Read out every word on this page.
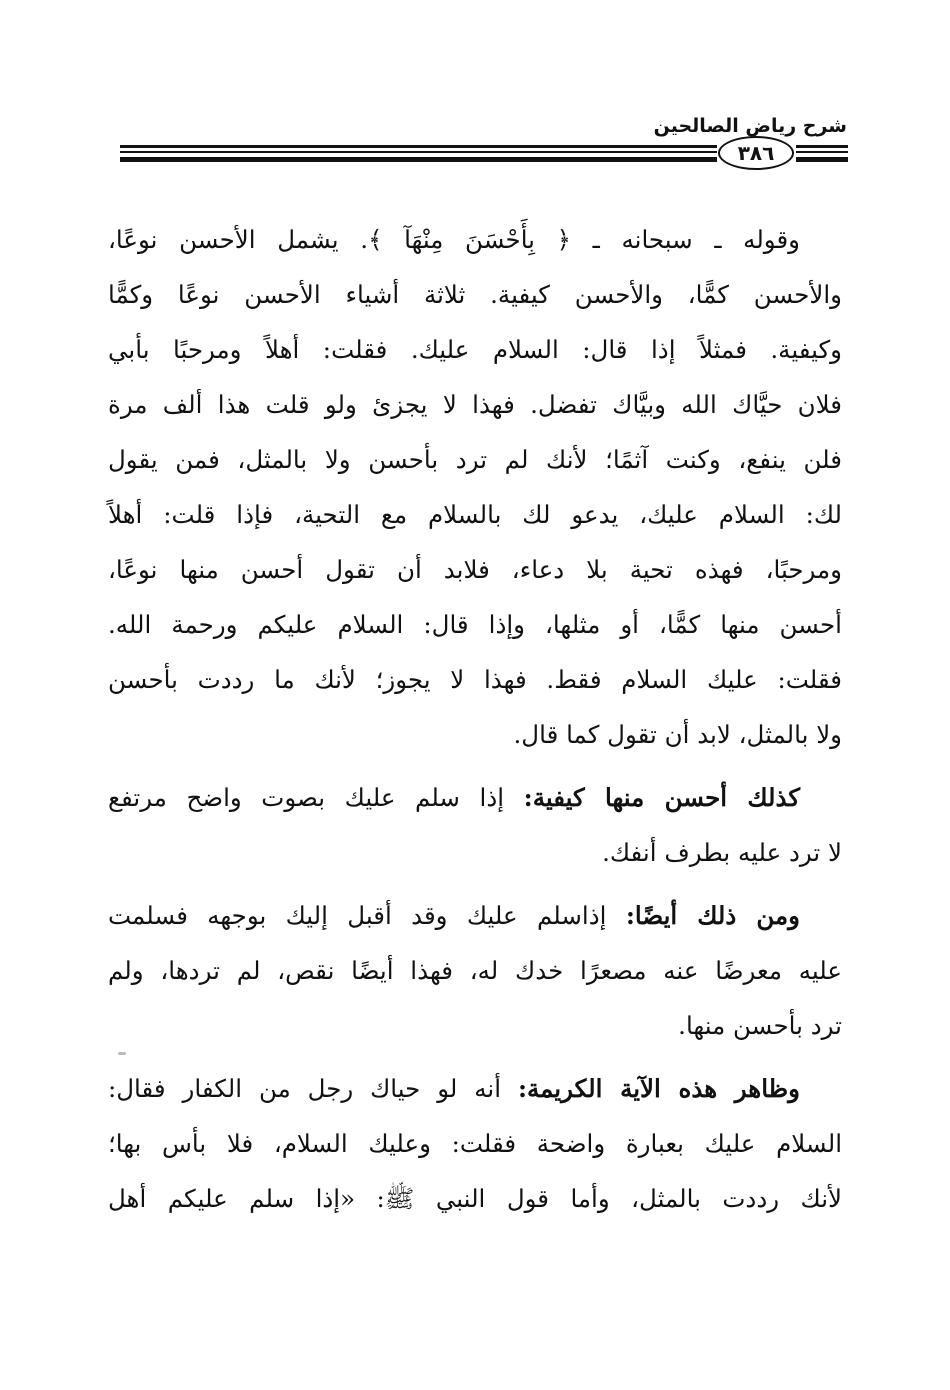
شرح رياض الصالحين
٣٨٦

وقوله ـ سبحانه ـ ﴿ بِأَحْسَنَ مِنْهَآ ﴾. يشمل الأحسن نوعًا،
والأحسن كمًّا، والأحسن كيفية. ثلاثة أشياء الأحسن نوعًا وكمًّا
وكيفية. فمثلاً إذا قال: السلام عليك. فقلت: أهلاً ومرحبًا بأبي
فلان حيَّاك الله وبيَّاك تفضل. فهذا لا يجزئ ولو قلت هذا ألف مرة
فلن ينفع، وكنت آثمًا؛ لأنك لم ترد بأحسن ولا بالمثل، فمن يقول
لك: السلام عليك، يدعو لك بالسلام مع التحية، فإذا قلت: أهلاً
ومرحبًا، فهذه تحية بلا دعاء، فلابد أن تقول أحسن منها نوعًا،
أحسن منها كمًّا، أو مثلها، وإذا قال: السلام عليكم ورحمة الله.
فقلت: عليك السلام فقط. فهذا لا يجوز؛ لأنك ما رددت بأحسن
ولا بالمثل، لابد أن تقول كما قال.

كذلك أحسن منها كيفية: إذا سلم عليك بصوت واضح مرتفع
لا ترد عليه بطرف أنفك.

ومن ذلك أيضًا: إذاسلم عليك وقد أقبل إليك بوجهه فسلمت
عليه معرضًا عنه مصعرًا خدك له، فهذا أيضًا نقص، لم تردها، ولم
ترد بأحسن منها.

وظاهر هذه الآية الكريمة: أنه لو حياك رجل من الكفار فقال:
السلام عليك بعبارة واضحة فقلت: وعليك السلام، فلا بأس بها؛
لأنك رددت بالمثل، وأما قول النبي ﷺ: «إذا سلم عليكم أهل
